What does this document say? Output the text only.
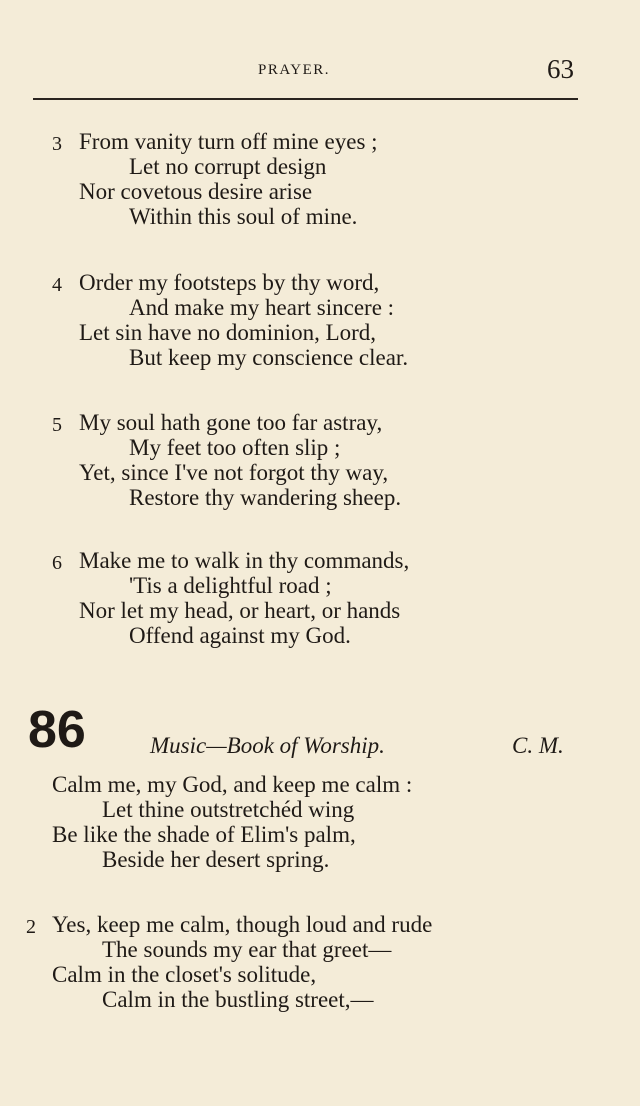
PRAYER.	63
3 From vanity turn off mine eyes ;
Let no corrupt design
Nor covetous desire arise
Within this soul of mine.
4 Order my footsteps by thy word,
And make my heart sincere :
Let sin have no dominion, Lord,
But keep my conscience clear.
5 My soul hath gone too far astray,
My feet too often slip ;
Yet, since I've not forgot thy way,
Restore thy wandering sheep.
6 Make me to walk in thy commands,
'Tis a delightful road ;
Nor let my head, or heart, or hands
Offend against my God.
86	Music—Book of Worship.	C. M.
Calm me, my God, and keep me calm :
Let thine outstretchéd wing
Be like the shade of Elim's palm,
Beside her desert spring.
2 Yes, keep me calm, though loud and rude
The sounds my ear that greet—
Calm in the closet's solitude,
Calm in the bustling street,—
